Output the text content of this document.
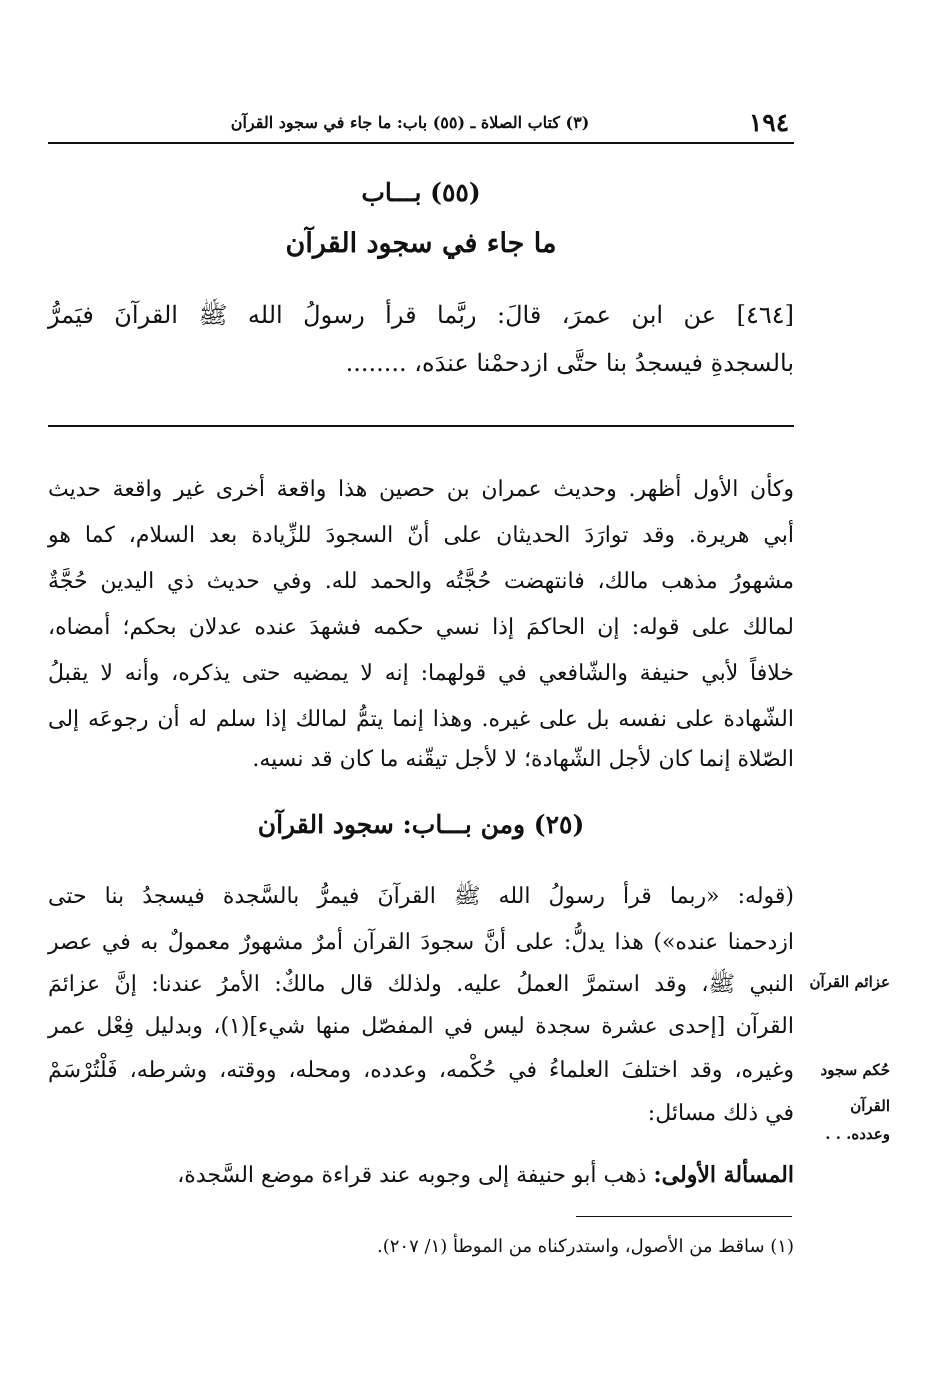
١٩٤
(٣) كتاب الصلاة ـ (٥٥) باب: ما جاء في سجود القرآن
(٥٥) بـــاب
ما جاء في سجود القرآن
[٤٦٤] عن ابن عمرَ، قالَ: ربَّما قرأ رسولُ الله ﷺ القرآنَ فيَمرُّ
بالسجدةِ فيسجدُ بنا حتَّى ازدحمْنا عندَه، ........
وكأن الأول أظهر. وحديث عمران بن حصين هذا واقعة أخرى غير واقعة حديث
أبي هريرة. وقد توارَدَ الحديثان على أنّ السجودَ للزِّيادة بعد السلام، كما هو
مشهورُ مذهب مالك، فانتهضت حُجَّتُه والحمد لله. وفي حديث ذي اليدين حُجَّةٌ
لمالك على قوله: إن الحاكمَ إذا نسي حكمه فشهدَ عنده عدلان بحكم؛ أمضاه،
خلافاً لأبي حنيفة والشّافعي في قولهما: إنه لا يمضيه حتى يذكره، وأنه لا يقبلُ
الشّهادة على نفسه بل على غيره. وهذا إنما يتمُّ لمالك إذا سلم له أن رجوعَه إلى
الصّلاة إنما كان لأجل الشّهادة؛ لا لأجل تيقّنه ما كان قد نسيه.
(٢٥) ومن بـــاب: سجود القرآن
(قوله: «ربما قرأ رسولُ الله ﷺ القرآنَ فيمرُّ بالسَّجدة فيسجدُ بنا حتى
ازدحمنا عنده») هذا يدلُّ: على أنَّ سجودَ القرآن أمرٌ مشهورٌ معمولٌ به في عصر
النبي ﷺ، وقد استمرَّ العملُ عليه. ولذلك قال مالكٌ: الأمرُ عندنا: إنَّ عزائمَ
القرآن [إحدى عشرة سجدة ليس في المفصّل منها شيء](١)، وبدليل فِعْل عمر
وغيره، وقد اختلفَ العلماءُ في حُكْمه، وعدده، ومحله، ووقته، وشرطه، فَلْتُرْسَمْ
في ذلك مسائل:
عزائم القرآن
حُكم سجود
القرآن
وعدده. . .
المسألة الأولى: ذهب أبو حنيفة إلى وجوبه عند قراءة موضع السَّجدة،
(١) ساقط من الأصول، واستدركناه من الموطأ (١/ ٢٠٧).
